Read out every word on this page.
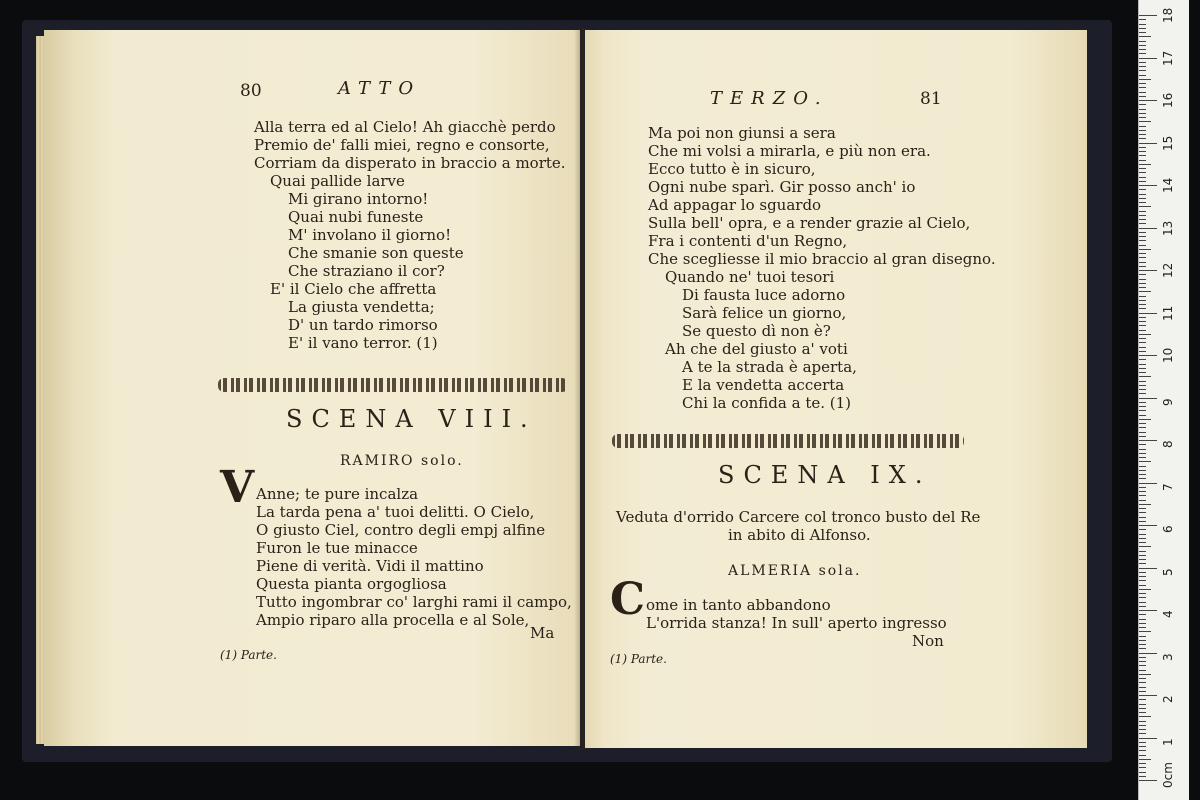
80	ATTO
Alla terra ed al Cielo! Ah giacchè perdo
Premio de' falli miei, regno e consorte,
Corriam da disperato in braccio a morte.
Quai pallide larve
Mi girano intorno!
Quai nubi funeste
M' involano il giorno!
Che smanie son queste
Che straziano il cor?
E' il Cielo che affretta
La giusta vendetta;
D' un tardo rimorso
E' il vano terror. (1)
SCENA VIII.
RAMIRO solo.
V Anne; te pure incalza
La tarda pena a' tuoi delitti. O Cielo,
O giusto Ciel, contro degli empj alfine
Furon le tue minacce
Piene di verità. Vidi il mattino
Questa pianta orgogliosa
Tutto ingombrar co' larghi rami il campo,
Ampio riparo alla procella e al Sole,
Ma
(1) Parte.
TERZO.	81
Ma poi non giunsi a sera
Che mi volsi a mirarla, e più non era.
Ecco tutto è in sicuro,
Ogni nube sparì. Gir posso anch' io
Ad appagar lo sguardo
Sulla bell' opra, e a render grazie al Cielo,
Fra i contenti d'un Regno,
Che scegliesse il mio braccio al gran disegno.
Quando ne' tuoi tesori
Di fausta luce adorno
Sarà felice un giorno,
Se questo dì non è?
Ah che del giusto a' voti
A te la strada è aperta,
E la vendetta accerta
Chi la confida a te. (1)
SCENA IX.
Veduta d'orrido Carcere col tronco busto del Re
in abito di Alfonso.
ALMERIA sola.
C ome in tanto abbandono
L'orrida stanza! In sull' aperto ingresso
Non
(1) Parte.
0cm
1
2
3
4
5
6
7
8
9
10
11
12
13
14
15
16
17
18
